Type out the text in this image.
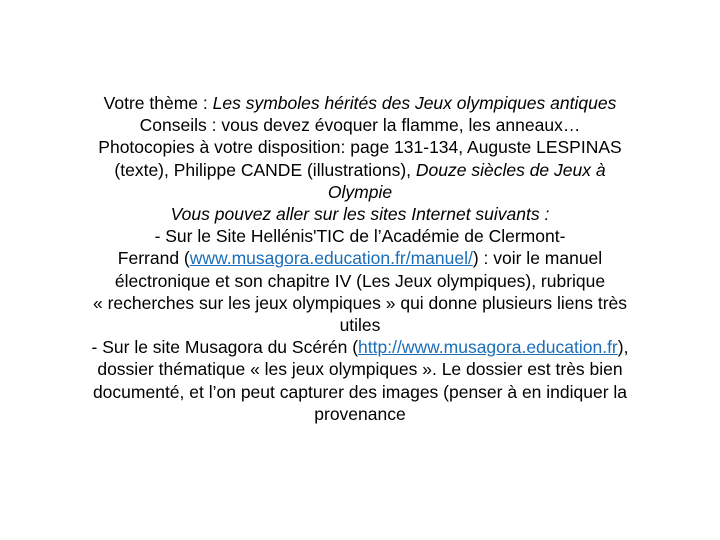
Votre thème : Les symboles hérités des Jeux olympiques antiques
Conseils : vous devez évoquer la flamme, les anneaux…
Photocopies à votre disposition: page 131-134, Auguste LESPINAS
(texte), Philippe CANDE (illustrations), Douze siècles de Jeux à
Olympie
Vous pouvez aller sur les sites Internet suivants :
- Sur le Site Hellénis'TIC de l’Académie de Clermont-
Ferrand (www.musagora.education.fr/manuel/) : voir le manuel
électronique et son chapitre IV (Les Jeux olympiques), rubrique
« recherches sur les jeux olympiques » qui donne plusieurs liens très
utiles
- Sur le site Musagora du Scérén (http://www.musagora.education.fr),
dossier thématique « les jeux olympiques ». Le dossier est très bien
documenté, et l’on peut capturer des images (penser à en indiquer la
provenance
